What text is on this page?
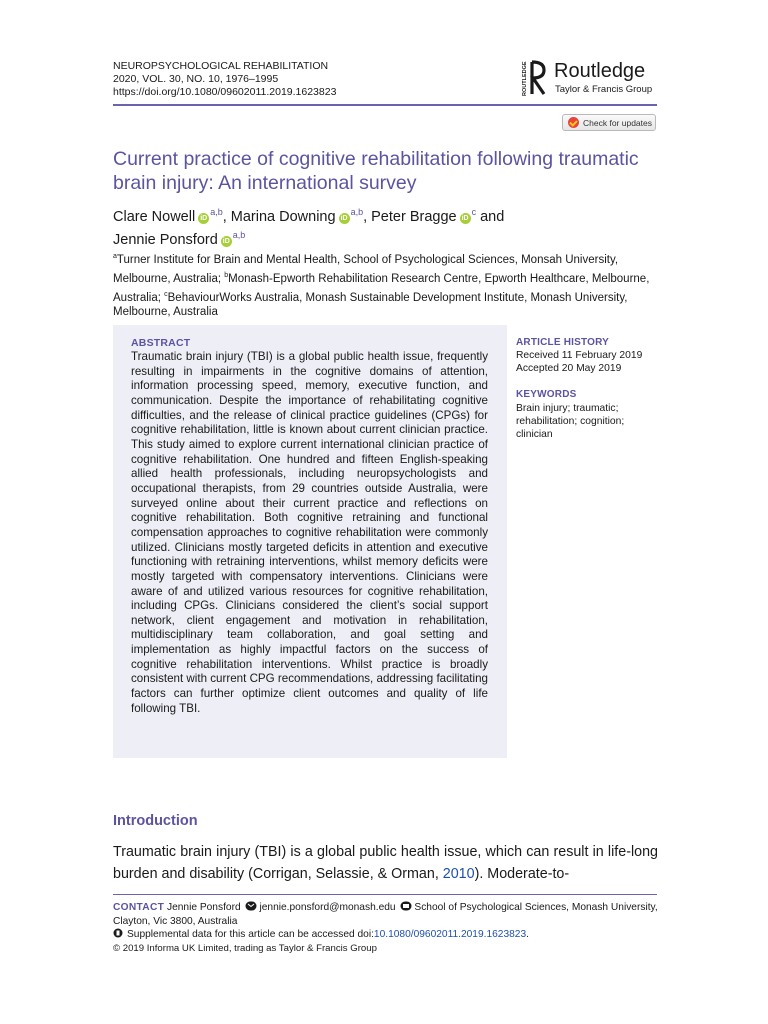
NEUROPSYCHOLOGICAL REHABILITATION
2020, VOL. 30, NO. 10, 1976–1995
https://doi.org/10.1080/09602011.2019.1623823	ROUTLEDGE Routledge
Taylor & Francis Group
Check for updates
Current practice of cognitive rehabilitation following traumatic brain injury: An international survey
Clare Nowell iD$^{a,b}$, Marina Downing iD$^{a,b}$, Peter Bragge $iD^c$ and
Jennie Ponsford iD$^{a,b}$
$^a$Turner Institute for Brain and Mental Health, School of Psychological Sciences, Monsah University, Melbourne, Australia; $^b$Monash-Epworth Rehabilitation Research Centre, Epworth Healthcare, Melbourne, Australia; $^c$BehaviourWorks Australia, Monash Sustainable Development Institute, Monash University, Melbourne, Australia
ABSTRACT
Traumatic brain injury (TBI) is a global public health issue, frequently resulting in impairments in the cognitive domains of attention, information processing speed, memory, executive function, and communication. Despite the importance of rehabilitating cognitive difficulties, and the release of clinical practice guidelines (CPGs) for cognitive rehabilitation, little is known about current clinician practice. This study aimed to explore current international clinician practice of cognitive rehabilitation. One hundred and fifteen English-speaking allied health professionals, including neuropsychologists and occupational therapists, from 29 countries outside Australia, were surveyed online about their current practice and reflections on cognitive rehabilitation. Both cognitive retraining and functional compensation approaches to cognitive rehabilitation were commonly utilized. Clinicians mostly targeted deficits in attention and executive functioning with retraining interventions, whilst memory deficits were mostly targeted with compensatory interventions. Clinicians were aware of and utilized various resources for cognitive rehabilitation, including CPGs. Clinicians considered the client’s social support network, client engagement and motivation in rehabilitation, multidisciplinary team collaboration, and goal setting and implementation as highly impactful factors on the success of cognitive rehabilitation interventions. Whilst practice is broadly consistent with current CPG recommendations, addressing facilitating factors can further optimize client outcomes and quality of life following TBI.
ARTICLE HISTORY
Received 11 February 2019
Accepted 20 May 2019
KEYWORDS
Brain injury; traumatic; rehabilitation; cognition; clinician
Introduction
Traumatic brain injury (TBI) is a global public health issue, which can result in life-long burden and disability (Corrigan, Selassie, & Orman, 2010). Moderate-to-
CONTACT Jennie Ponsford jennie.ponsford@monash.edu School of Psychological Sciences, Monash University, Clayton, Vic 3800, Australia
Supplemental data for this article can be accessed doi:10.1080/09602011.2019.1623823.
© 2019 Informa UK Limited, trading as Taylor & Francis Group
